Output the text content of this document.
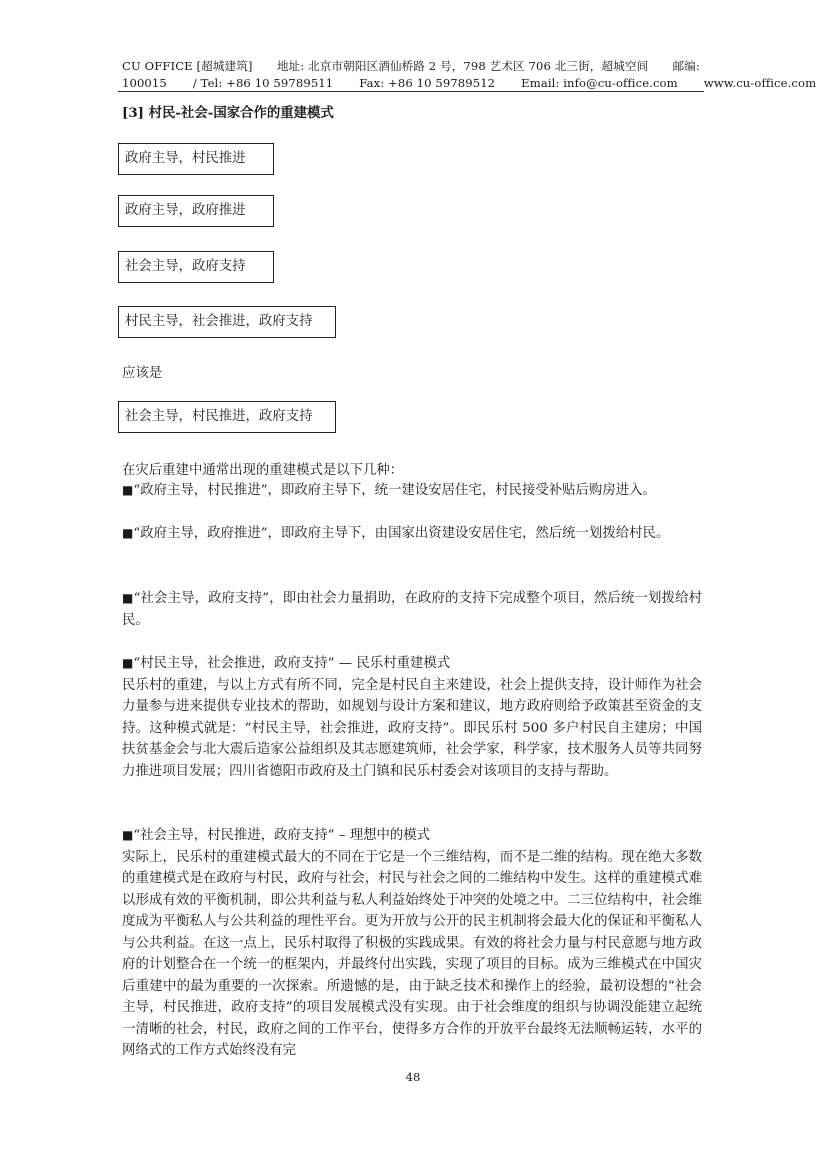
CU OFFICE [超城建筑] 地址: 北京市朝阳区酒仙桥路 2 号，798 艺术区 706 北三街，超城空间 邮编:
100015 / Tel: +86 10 59789511 Fax: +86 10 59789512 Email: info@cu-office.com www.cu-office.com
[3] 村民-社会-国家合作的重建模式
政府主导，村民推进
政府主导，政府推进
社会主导，政府支持
村民主导，社会推进，政府支持
应该是
社会主导，村民推进，政府支持
在灾后重建中通常出现的重建模式是以下几种：

■“政府主导，村民推进”，即政府主导下，统一建设安居住宅，村民接受补贴后购房进入。

■“政府主导，政府推进”，即政府主导下，由国家出资建设安居住宅，然后统一划拨给村民。

■“社会主导，政府支持”，即由社会力量捐助，在政府的支持下完成整个项目，然后统一划拨给村民。

■“村民主导，社会推进，政府支持” — 民乐村重建模式
民乐村的重建，与以上方式有所不同，完全是村民自主来建设，社会上提供支持，设计师作为社会力量参与进来提供专业技术的帮助，如规划与设计方案和建议，地方政府则给予政策甚至资金的支持。这种模式就是：“村民主导，社会推进，政府支持”。即民乐村 500 多户村民自主建房；中国扶贫基金会与北大震后造家公益组织及其志愿建筑师，社会学家，科学家，技术服务人员等共同努力推进项目发展；四川省德阳市政府及土门镇和民乐村委会对该项目的支持与帮助。

■“社会主导，村民推进，政府支持” – 理想中的模式
实际上，民乐村的重建模式最大的不同在于它是一个三维结构，而不是二维的结构。现在绝大多数的重建模式是在政府与村民，政府与社会，村民与社会之间的二维结构中发生。这样的重建模式难以形成有效的平衡机制，即公共利益与私人利益始终处于冲突的处境之中。二三位结构中，社会维度成为平衡私人与公共利益的理性平台。更为开放与公开的民主机制将会最大化的保证和平衡私人与公共利益。在这一点上，民乐村取得了积极的实践成果。有效的将社会力量与村民意愿与地方政府的计划整合在一个统一的框架内，并最终付出实践，实现了项目的目标。成为三维模式在中国灾后重建中的最为重要的一次探索。所遗憾的是，由于缺乏技术和操作上的经验，最初设想的“社会主导，村民推进，政府支持”的项目发展模式没有实现。由于社会维度的组织与协调没能建立起统一清晰的社会，村民，政府之间的工作平台，使得多方合作的开放平台最终无法顺畅运转，水平的网络式的工作方式始终没有完

48
